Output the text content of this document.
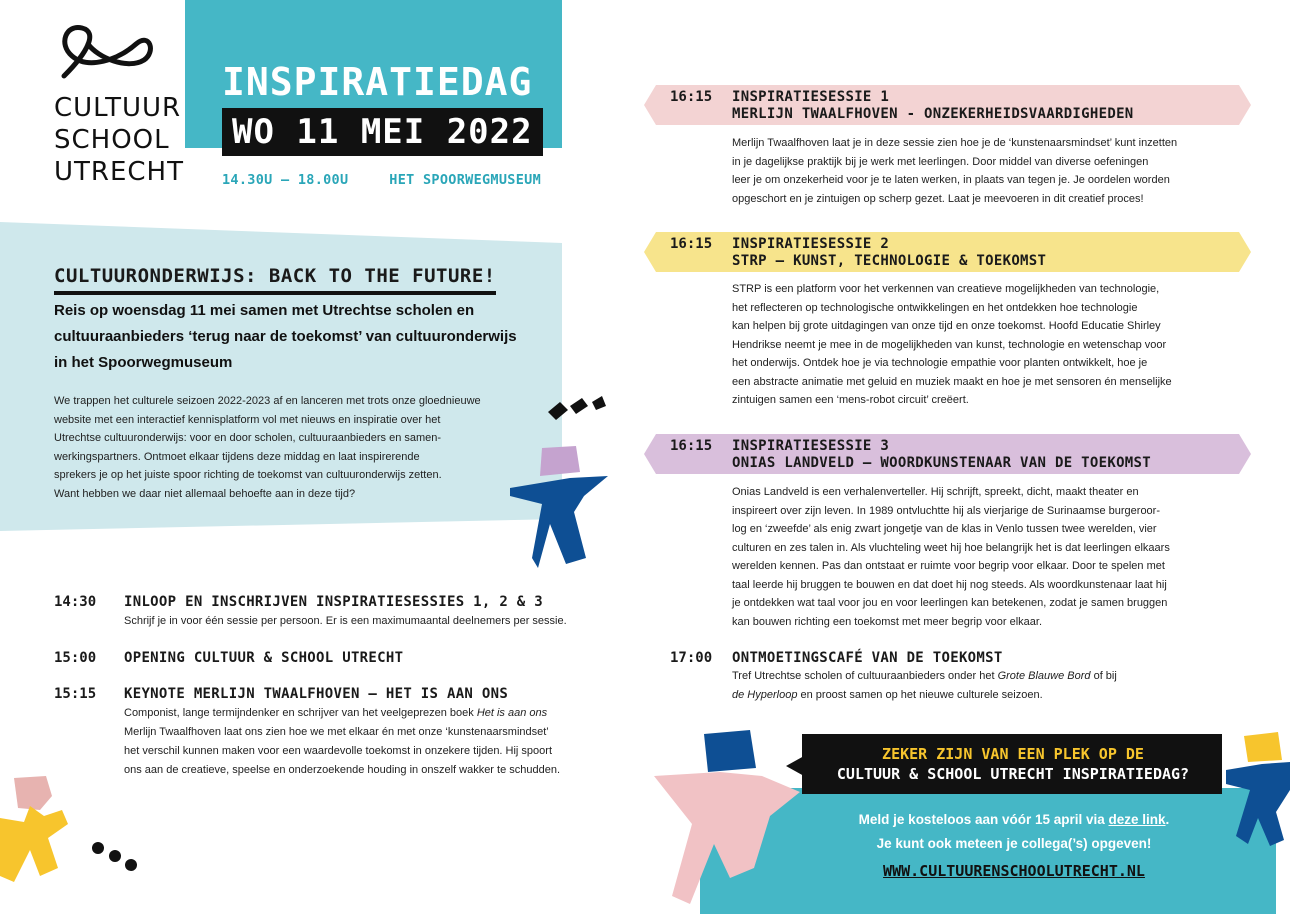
CULTUUR
SCHOOL
UTRECHT
INSPIRATIEDAG
WO 11 MEI 2022
14.30U – 18.00U	HET SPOORWEGMUSEUM
CULTUURONDERWIJS: BACK TO THE FUTURE!
Reis op woensdag 11 mei samen met Utrechtse scholen en cultuuraanbieders ‘terug naar de toekomst’ van cultuuronderwijs in het Spoorwegmuseum
We trappen het culturele seizoen 2022-2023 af en lanceren met trots onze gloednieuwe
website met een interactief kennisplatform vol met nieuws en inspiratie over het
Utrechtse cultuuronderwijs: voor en door scholen, cultuuraanbieders en samen-
werkingspartners. Ontmoet elkaar tijdens deze middag en laat inspirerende
sprekers je op het juiste spoor richting de toekomst van cultuuronderwijs zetten.
Want hebben we daar niet allemaal behoefte aan in deze tijd?
14:30 INLOOP EN INSCHRIJVEN INSPIRATIESESSIES 1, 2 & 3
Schrijf je in voor één sessie per persoon. Er is een maximumaantal deelnemers per sessie.
15:00 OPENING CULTUUR & SCHOOL UTRECHT
15:15 KEYNOTE MERLIJN TWAALFHOVEN – HET IS AAN ONS
Componist, lange termijndenker en schrijver van het veelgeprezen boek Het is aan ons
Merlijn Twaalfhoven laat ons zien hoe we met elkaar én met onze ‘kunstenaarsmindset’
het verschil kunnen maken voor een waardevolle toekomst in onzekere tijden. Hij spoort
ons aan de creatieve, speelse en onderzoekende houding in onszelf wakker te schudden.
16:15 INSPIRATIESESSIE 1
MERLIJN TWAALFHOVEN - ONZEKERHEIDSVAARDIGHEDEN
Merlijn Twaalfhoven laat je in deze sessie zien hoe je de ‘kunstenaarsmindset’ kunt inzetten
in je dagelijkse praktijk bij je werk met leerlingen. Door middel van diverse oefeningen
leer je om onzekerheid voor je te laten werken, in plaats van tegen je. Je oordelen worden
opgeschort en je zintuigen op scherp gezet. Laat je meevoeren in dit creatief proces!
16:15 INSPIRATIESESSIE 2
STRP – KUNST, TECHNOLOGIE & TOEKOMST
STRP is een platform voor het verkennen van creatieve mogelijkheden van technologie,
het reflecteren op technologische ontwikkelingen en het ontdekken hoe technologie
kan helpen bij grote uitdagingen van onze tijd en onze toekomst. Hoofd Educatie Shirley
Hendrikse neemt je mee in de mogelijkheden van kunst, technologie en wetenschap voor
het onderwijs. Ontdek hoe je via technologie empathie voor planten ontwikkelt, hoe je
een abstracte animatie met geluid en muziek maakt en hoe je met sensoren én menselijke
zintuigen samen een ‘mens-robot circuit’ creëert.
16:15 INSPIRATIESESSIE 3
ONIAS LANDVELD – WOORDKUNSTENAAR VAN DE TOEKOMST
Onias Landveld is een verhalenverteller. Hij schrijft, spreekt, dicht, maakt theater en
inspireert over zijn leven. In 1989 ontvluchtte hij als vierjarige de Surinaamse burgeroor-
log en ‘zweefde’ als enig zwart jongetje van de klas in Venlo tussen twee werelden, vier
culturen en zes talen in. Als vluchteling weet hij hoe belangrijk het is dat leerlingen elkaars
werelden kennen. Pas dan ontstaat er ruimte voor begrip voor elkaar. Door te spelen met
taal leerde hij bruggen te bouwen en dat doet hij nog steeds. Als woordkunstenaar laat hij
je ontdekken wat taal voor jou en voor leerlingen kan betekenen, zodat je samen bruggen
kan bouwen richting een toekomst met meer begrip voor elkaar.
17:00 ONTMOETINGSCAFÉ VAN DE TOEKOMST
Tref Utrechtse scholen of cultuuraanbieders onder het Grote Blauwe Bord of bij
de Hyperloop en proost samen op het nieuwe culturele seizoen.
ZEKER ZIJN VAN EEN PLEK OP DE
CULTUUR & SCHOOL UTRECHT INSPIRATIEDAG?
Meld je kosteloos aan vóór 15 april via deze link.
Je kunt ook meteen je collega(’s) opgeven!
WWW.CULTUURENSCHOOLUTRECHT.NL
